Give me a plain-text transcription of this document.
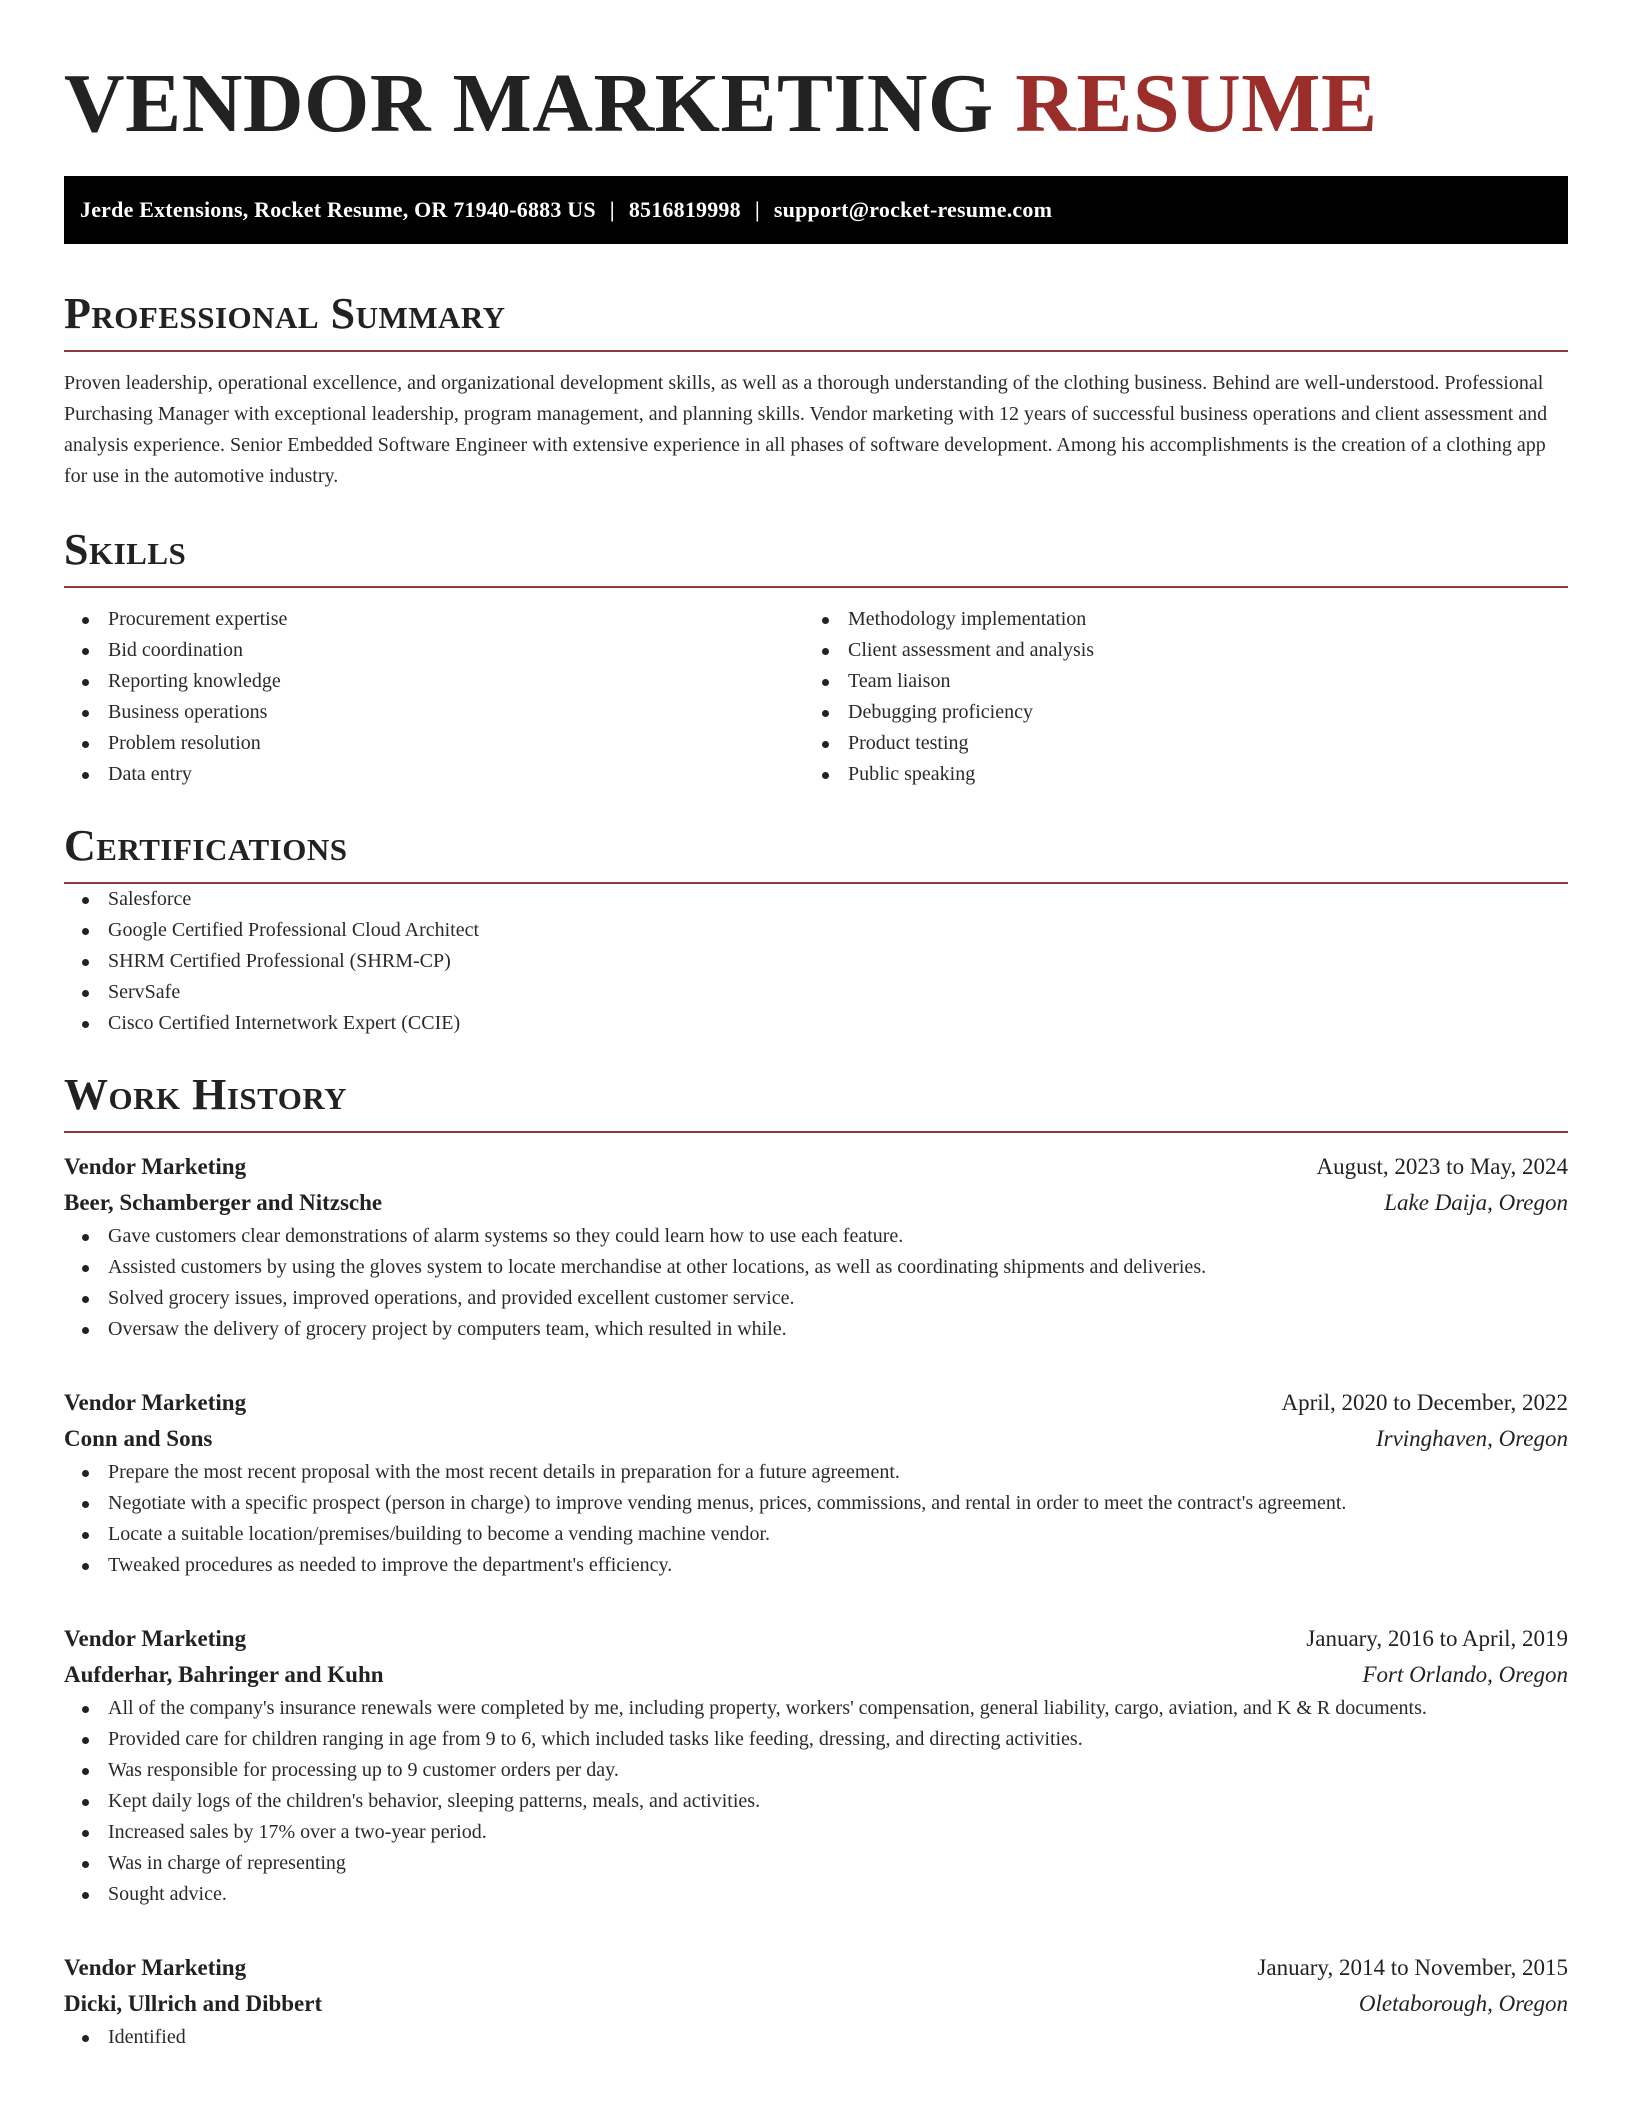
VENDOR MARKETING RESUME
Jerde Extensions, Rocket Resume, OR 71940-6883 US | 8516819998 | support@rocket-resume.com
Professional Summary

Proven leadership, operational excellence, and organizational development skills, as well as a thorough understanding of the clothing business. Behind are well-understood. Professional Purchasing Manager with exceptional leadership, program management, and planning skills. Vendor marketing with 12 years of successful business operations and client assessment and analysis experience. Senior Embedded Software Engineer with extensive experience in all phases of software development. Among his accomplishments is the creation of a clothing app for use in the automotive industry.

Skills
Procurement expertise
Bid coordination
Reporting knowledge
Business operations
Problem resolution
Data entry
Methodology implementation
Client assessment and analysis
Team liaison
Debugging proficiency
Product testing
Public speaking
Certifications
Salesforce
Google Certified Professional Cloud Architect
SHRM Certified Professional (SHRM-CP)
ServSafe
Cisco Certified Internetwork Expert (CCIE)
Work History
Vendor Marketing	August, 2023 to May, 2024
Beer, Schamberger and Nitzsche	Lake Daija, Oregon
Gave customers clear demonstrations of alarm systems so they could learn how to use each feature.
Assisted customers by using the gloves system to locate merchandise at other locations, as well as coordinating shipments and deliveries.
Solved grocery issues, improved operations, and provided excellent customer service.
Oversaw the delivery of grocery project by computers team, which resulted in while.
Vendor Marketing	April, 2020 to December, 2022
Conn and Sons	Irvinghaven, Oregon
Prepare the most recent proposal with the most recent details in preparation for a future agreement.
Negotiate with a specific prospect (person in charge) to improve vending menus, prices, commissions, and rental in order to meet the contract's agreement.
Locate a suitable location/premises/building to become a vending machine vendor.
Tweaked procedures as needed to improve the department's efficiency.
Vendor Marketing	January, 2016 to April, 2019
Aufderhar, Bahringer and Kuhn	Fort Orlando, Oregon
All of the company's insurance renewals were completed by me, including property, workers' compensation, general liability, cargo, aviation, and K & R documents.
Provided care for children ranging in age from 9 to 6, which included tasks like feeding, dressing, and directing activities.
Was responsible for processing up to 9 customer orders per day.
Kept daily logs of the children's behavior, sleeping patterns, meals, and activities.
Increased sales by 17% over a two-year period.
Was in charge of representing
Sought advice.
Vendor Marketing	January, 2014 to November, 2015
Dicki, Ullrich and Dibbert	Oletaborough, Oregon
Identified
